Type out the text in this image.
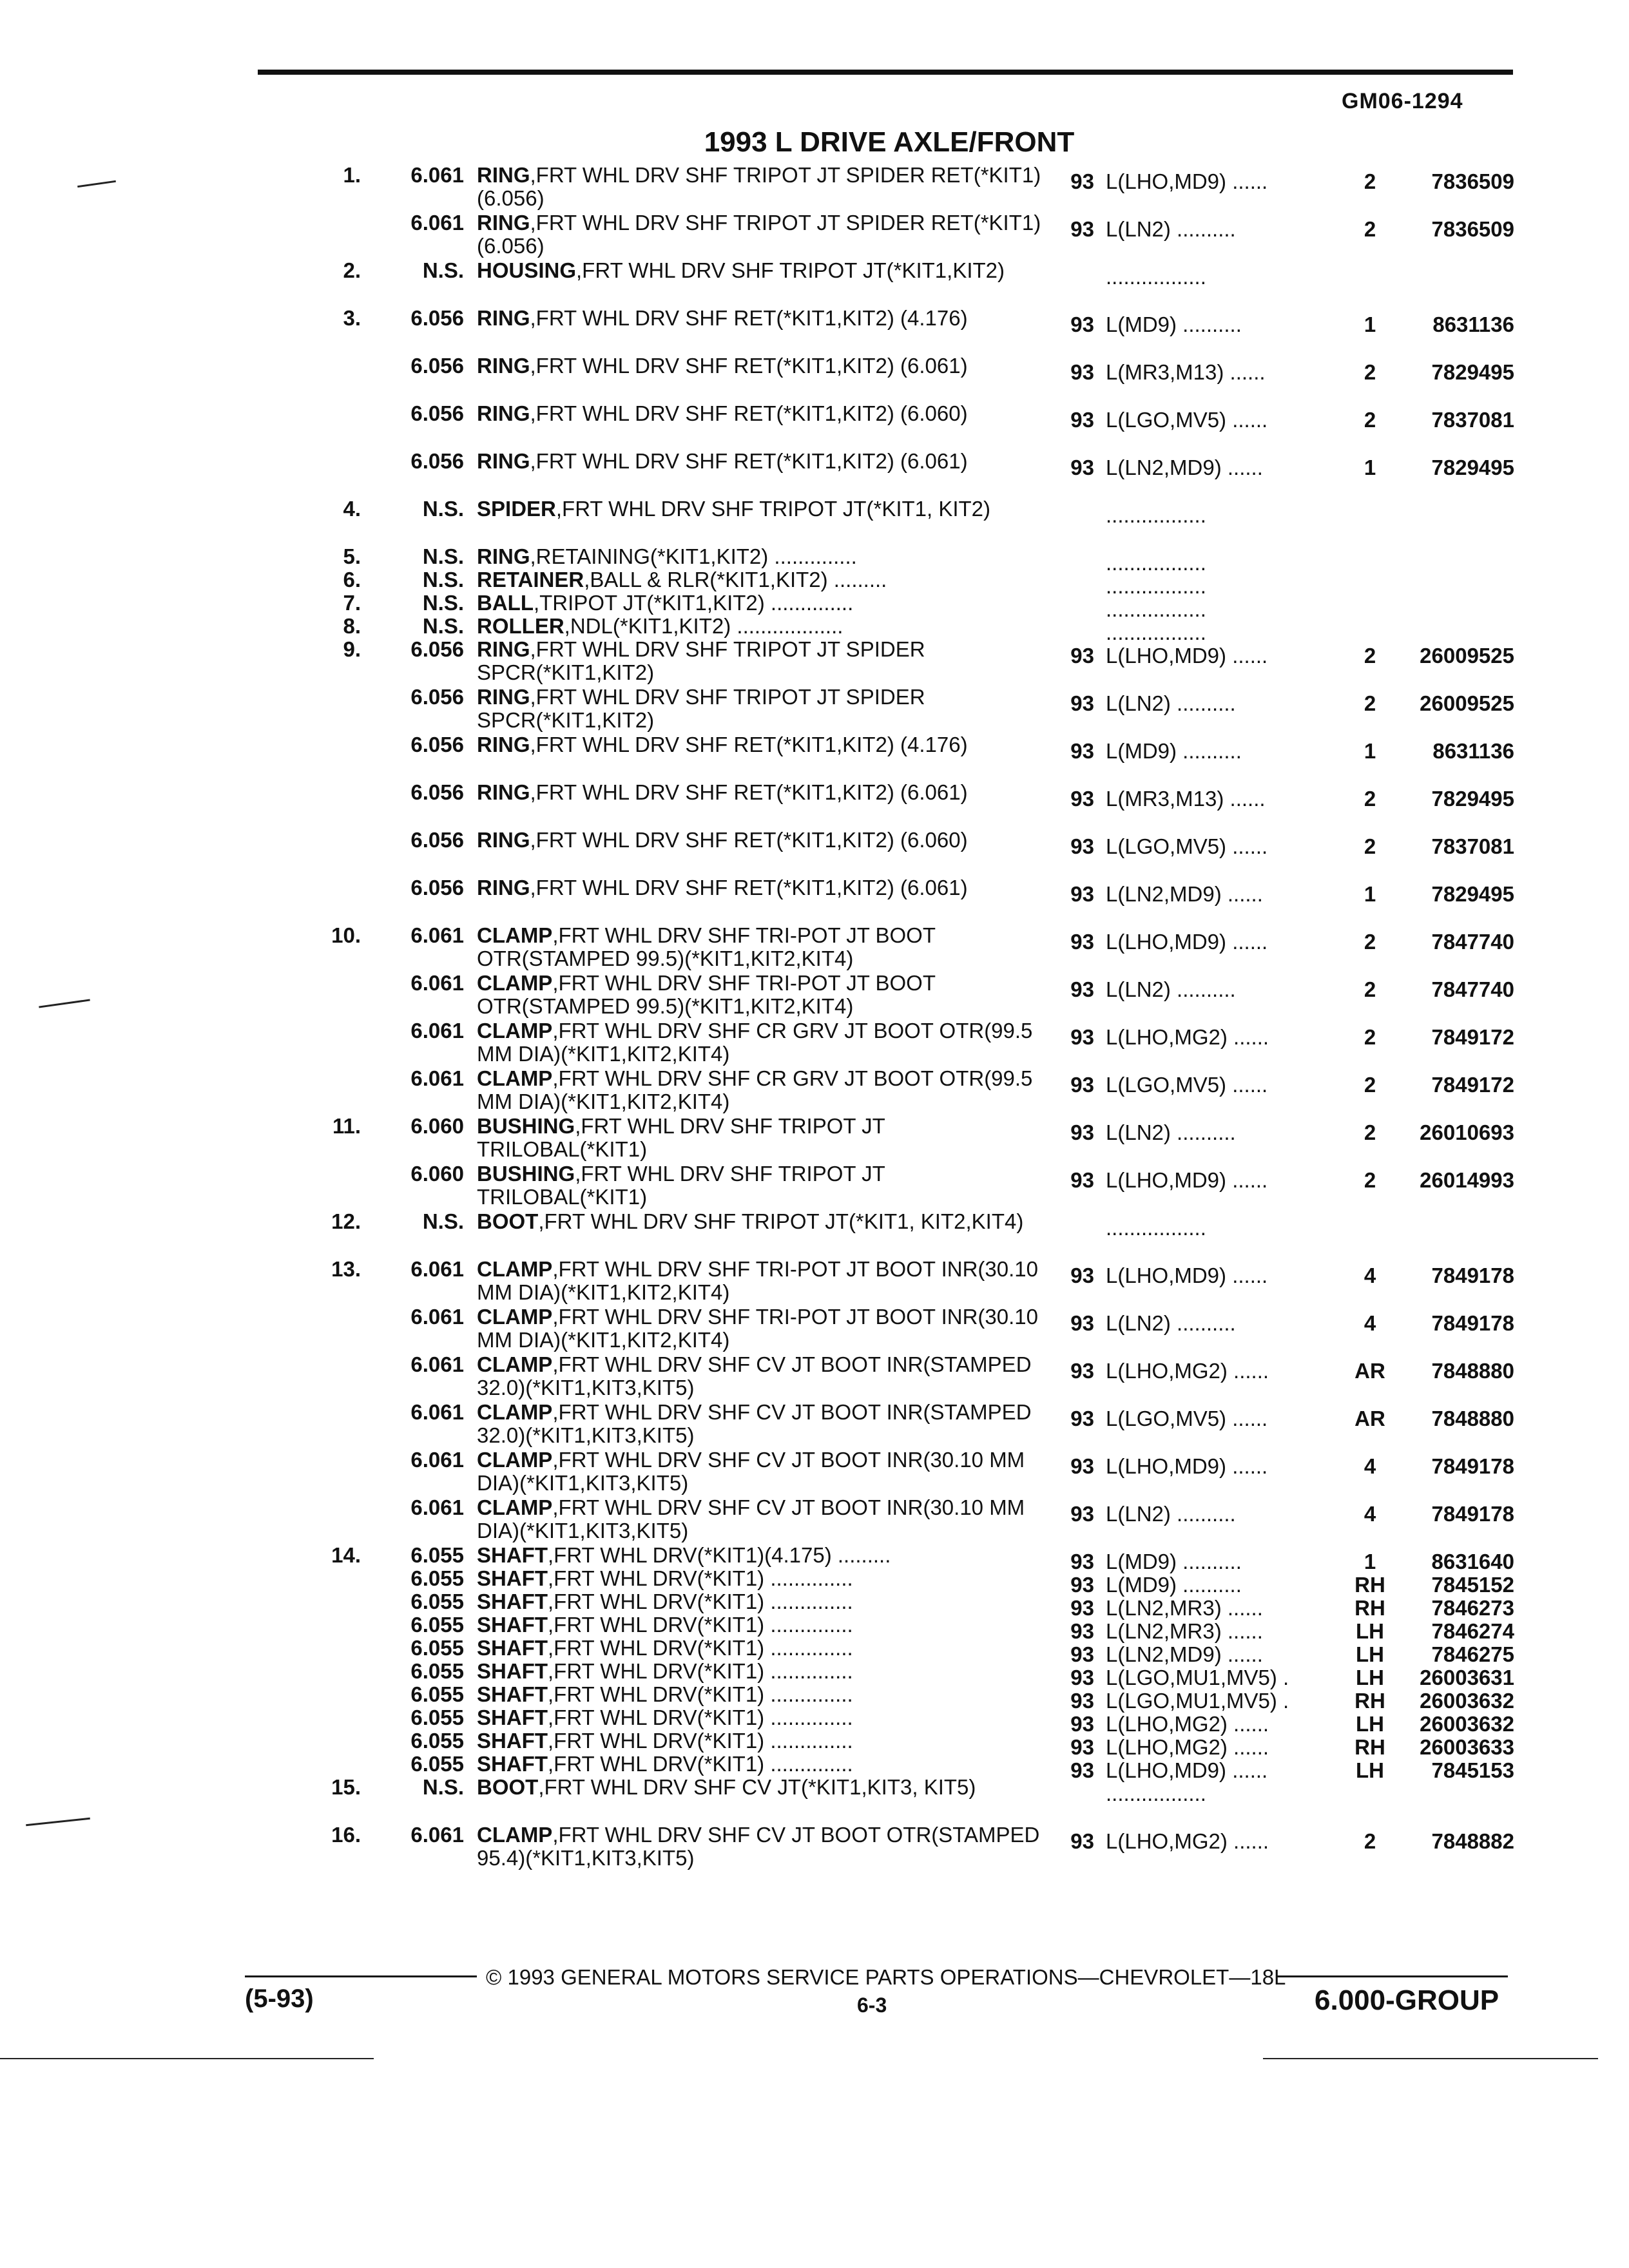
GM06-1294
1993 L DRIVE AXLE/FRONT
1.	6.061 RING,FRT WHL DRV SHF TRIPOT JT SPIDER RET(*KIT1)(6.056)
93 L(LHO,MD9) ......	2	7836509
6.061 RING,FRT WHL DRV SHF TRIPOT JT SPIDER RET(*KIT1)(6.056)
93 L(LN2) ..........	2	7836509
2.	N.S. HOUSING,FRT WHL DRV SHF TRIPOT JT(*KIT1,KIT2)	.................
3.	6.056 RING,FRT WHL DRV SHF RET(*KIT1,KIT2) (4.176)	93 L(MD9) ..........	1	8631136
6.056 RING,FRT WHL DRV SHF RET(*KIT1,KIT2) (6.061)	93 L(MR3,M13) ......	2	7829495
6.056 RING,FRT WHL DRV SHF RET(*KIT1,KIT2) (6.060)	93 L(LGO,MV5) ......	2	7837081
6.056 RING,FRT WHL DRV SHF RET(*KIT1,KIT2) (6.061)	93 L(LN2,MD9) ......	1	7829495
4.	N.S. SPIDER,FRT WHL DRV SHF TRIPOT JT(*KIT1, KIT2)	.................
5.	N.S. RING,RETAINING(*KIT1,KIT2) ..............	.................
6.	N.S. RETAINER,BALL & RLR(*KIT1,KIT2) .........	.................
7.	N.S. BALL,TRIPOT JT(*KIT1,KIT2) ..............	.................
8.	N.S. ROLLER,NDL(*KIT1,KIT2) ..................	.................
9.	6.056 RING,FRT WHL DRV SHF TRIPOT JT SPIDER SPCR(*KIT1,KIT2)
93 L(LHO,MD9) ......	2	26009525
6.056 RING,FRT WHL DRV SHF TRIPOT JT SPIDER SPCR(*KIT1,KIT2)
93 L(LN2) ..........	2	26009525
6.056 RING,FRT WHL DRV SHF RET(*KIT1,KIT2) (4.176)	93 L(MD9) ..........	1	8631136
6.056 RING,FRT WHL DRV SHF RET(*KIT1,KIT2) (6.061)	93 L(MR3,M13) ......	2	7829495
6.056 RING,FRT WHL DRV SHF RET(*KIT1,KIT2) (6.060)	93 L(LGO,MV5) ......	2	7837081
6.056 RING,FRT WHL DRV SHF RET(*KIT1,KIT2) (6.061)	93 L(LN2,MD9) ......	1	7829495
10.	6.061 CLAMP,FRT WHL DRV SHF TRI-POT JT BOOT OTR(STAMPED 99.5)(*KIT1,KIT2,KIT4)
93 L(LHO,MD9) ......	2	7847740
6.061 CLAMP,FRT WHL DRV SHF TRI-POT JT BOOT OTR(STAMPED 99.5)(*KIT1,KIT2,KIT4)
93 L(LN2) ..........	2	7847740
6.061 CLAMP,FRT WHL DRV SHF CR GRV JT BOOT OTR(99.5 MM DIA)(*KIT1,KIT2,KIT4)
93 L(LHO,MG2) ......	2	7849172
6.061 CLAMP,FRT WHL DRV SHF CR GRV JT BOOT OTR(99.5 MM DIA)(*KIT1,KIT2,KIT4)
93 L(LGO,MV5) ......	2	7849172
11.	6.060 BUSHING,FRT WHL DRV SHF TRIPOT JT TRILOBAL(*KIT1)
93 L(LN2) ..........	2	26010693
6.060 BUSHING,FRT WHL DRV SHF TRIPOT JT TRILOBAL(*KIT1)
93 L(LHO,MD9) ......	2	26014993
12.	N.S. BOOT,FRT WHL DRV SHF TRIPOT JT(*KIT1, KIT2,KIT4)	.................
13.	6.061 CLAMP,FRT WHL DRV SHF TRI-POT JT BOOT INR(30.10 MM DIA)(*KIT1,KIT2,KIT4)
93 L(LHO,MD9) ......	4	7849178
6.061 CLAMP,FRT WHL DRV SHF TRI-POT JT BOOT INR(30.10 MM DIA)(*KIT1,KIT2,KIT4)
93 L(LN2) ..........	4	7849178
6.061 CLAMP,FRT WHL DRV SHF CV JT BOOT INR(STAMPED 32.0)(*KIT1,KIT3,KIT5)
93 L(LHO,MG2) ......	AR	7848880
6.061 CLAMP,FRT WHL DRV SHF CV JT BOOT INR(STAMPED 32.0)(*KIT1,KIT3,KIT5)
93 L(LGO,MV5) ......	AR	7848880
6.061 CLAMP,FRT WHL DRV SHF CV JT BOOT INR(30.10 MM DIA)(*KIT1,KIT3,KIT5)
93 L(LHO,MD9) ......	4	7849178
6.061 CLAMP,FRT WHL DRV SHF CV JT BOOT INR(30.10 MM DIA)(*KIT1,KIT3,KIT5)
93 L(LN2) ..........	4	7849178
14.	6.055 SHAFT,FRT WHL DRV(*KIT1)(4.175) .........	93 L(MD9) ..........	1	8631640
6.055 SHAFT,FRT WHL DRV(*KIT1) ..............	93 L(MD9) ..........	RH	7845152
6.055 SHAFT,FRT WHL DRV(*KIT1) ..............	93 L(LN2,MR3) ......	RH	7846273
6.055 SHAFT,FRT WHL DRV(*KIT1) ..............	93 L(LN2,MR3) ......	LH	7846274
6.055 SHAFT,FRT WHL DRV(*KIT1) ..............	93 L(LN2,MD9) ......	LH	7846275
6.055 SHAFT,FRT WHL DRV(*KIT1) ..............	93 L(LGO,MU1,MV5) .	LH	26003631
6.055 SHAFT,FRT WHL DRV(*KIT1) ..............	93 L(LGO,MU1,MV5) .	RH	26003632
6.055 SHAFT,FRT WHL DRV(*KIT1) ..............	93 L(LHO,MG2) ......	LH	26003632
6.055 SHAFT,FRT WHL DRV(*KIT1) ..............	93 L(LHO,MG2) ......	RH	26003633
6.055 SHAFT,FRT WHL DRV(*KIT1) ..............	93 L(LHO,MD9) ......	LH	7845153
15.	N.S. BOOT,FRT WHL DRV SHF CV JT(*KIT1,KIT3, KIT5)	.................
16.	6.061 CLAMP,FRT WHL DRV SHF CV JT BOOT OTR(STAMPED 95.4)(*KIT1,KIT3,KIT5)
93 L(LHO,MG2) ......	2	7848882
© 1993 GENERAL MOTORS SERVICE PARTS OPERATIONS—CHEVROLET—18L
(5-93)	6-3	6.000-GROUP
